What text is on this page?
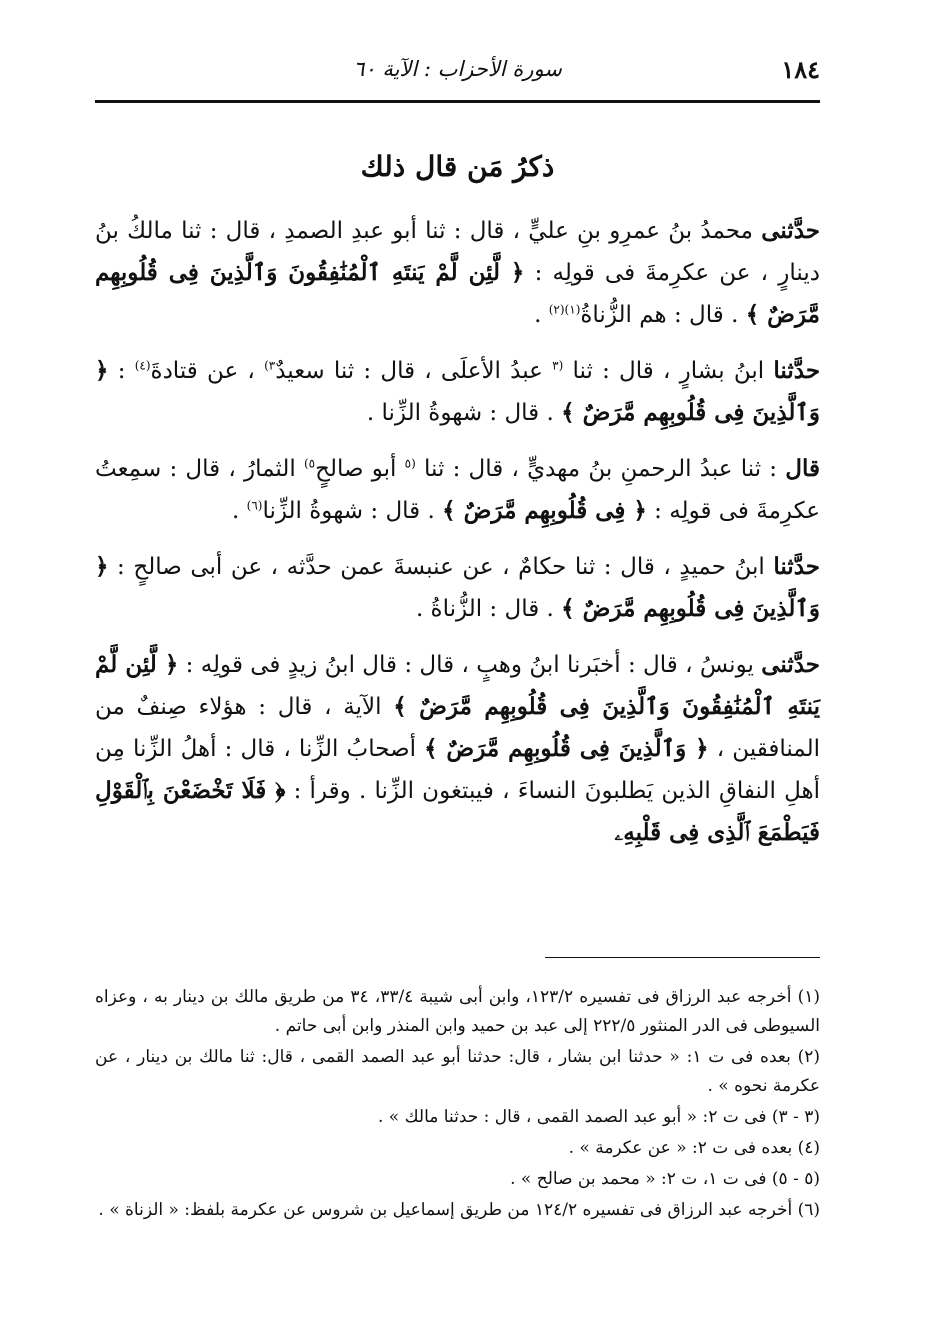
١٨٤
سورة الأحزاب : الآية ٦٠
ذكرُ مَن قال ذلك

حدَّثنى محمدُ بنُ عمرِو بنِ عليٍّ ، قال : ثنا أبو عبدِ الصمدِ ، قال : ثنا مالكُ بنُ دينارٍ ، عن عكرِمةَ فى قولِه : ﴿ لَّئِن لَّمْ يَنتَهِ ٱلْمُنَٰفِقُونَ وَٱلَّذِينَ فِى قُلُوبِهِم مَّرَضٌ ﴾ . قال : هم الزُّناةُ$^{(١)(٢)}$ .

حدَّثنا ابنُ بشارٍ ، قال : ثنا $^{(٣}$ عبدُ الأعلَى ، قال : ثنا سعيدٌ$^{٣)}$ ، عن قتادةَ$^{(٤)}$ : ﴿ وَٱلَّذِينَ فِى قُلُوبِهِم مَّرَضٌ ﴾ . قال : شهوةُ الزِّنا .

قال : ثنا عبدُ الرحمنِ بنُ مهديٍّ ، قال : ثنا $^{(٥}$ أبو صالحٍ$^{٥)}$ الثمارُ ، قال : سمِعتُ عكرِمةَ فى قولِه : ﴿ فِى قُلُوبِهِم مَّرَضٌ ﴾ . قال : شهوةُ الزِّنا$^{(٦)}$ .

حدَّثنا ابنُ حميدٍ ، قال : ثنا حكامٌ ، عن عنبسةَ عمن حدَّثه ، عن أبى صالحٍ : ﴿ وَٱلَّذِينَ فِى قُلُوبِهِم مَّرَضٌ ﴾ . قال : الزُّناةُ .

حدَّثنى يونسُ ، قال : أخبَرنا ابنُ وهبٍ ، قال : قال ابنُ زيدٍ فى قولِه : ﴿ لَّئِن لَّمْ يَنتَهِ ٱلْمُنَٰفِقُونَ وَٱلَّذِينَ فِى قُلُوبِهِم مَّرَضٌ ﴾ الآية ، قال : هؤلاء صِنفٌ من المنافقين ، ﴿ وَٱلَّذِينَ فِى قُلُوبِهِم مَّرَضٌ ﴾ أصحابُ الزِّنا ، قال : أهلُ الزِّنا مِن أهلِ النفاقِ الذين يَطلبونَ النساءَ ، فيبتغون الزِّنا . وقرأ : ﴿ فَلَا تَخْضَعْنَ بِٱلْقَوْلِ فَيَطْمَعَ ٱلَّذِى فِى قَلْبِهِۦ

(١) أخرجه عبد الرزاق فى تفسيره ١٢٣/٢، وابن أبى شيبة ٣٣/٤، ٣٤ من طريق مالك بن دينار به ، وعزاه السيوطى فى الدر المنثور ٢٢٢/٥ إلى عبد بن حميد وابن المنذر وابن أبى حاتم .

(٢) بعده فى ت ١: « حدثنا ابن بشار ، قال: حدثنا أبو عبد الصمد القمى ، قال: ثنا مالك بن دينار ، عن عكرمة نحوه » .

(٣ - ٣) فى ت ٢: « أبو عبد الصمد القمى ، قال : حدثنا مالك » .

(٤) بعده فى ت ٢: « عن عكرمة » .

(٥ - ٥) فى ت ١، ت ٢: « محمد بن صالح » .

(٦) أخرجه عبد الرزاق فى تفسيره ١٢٤/٢ من طريق إسماعيل بن شروس عن عكرمة بلفظ: « الزناة » .
